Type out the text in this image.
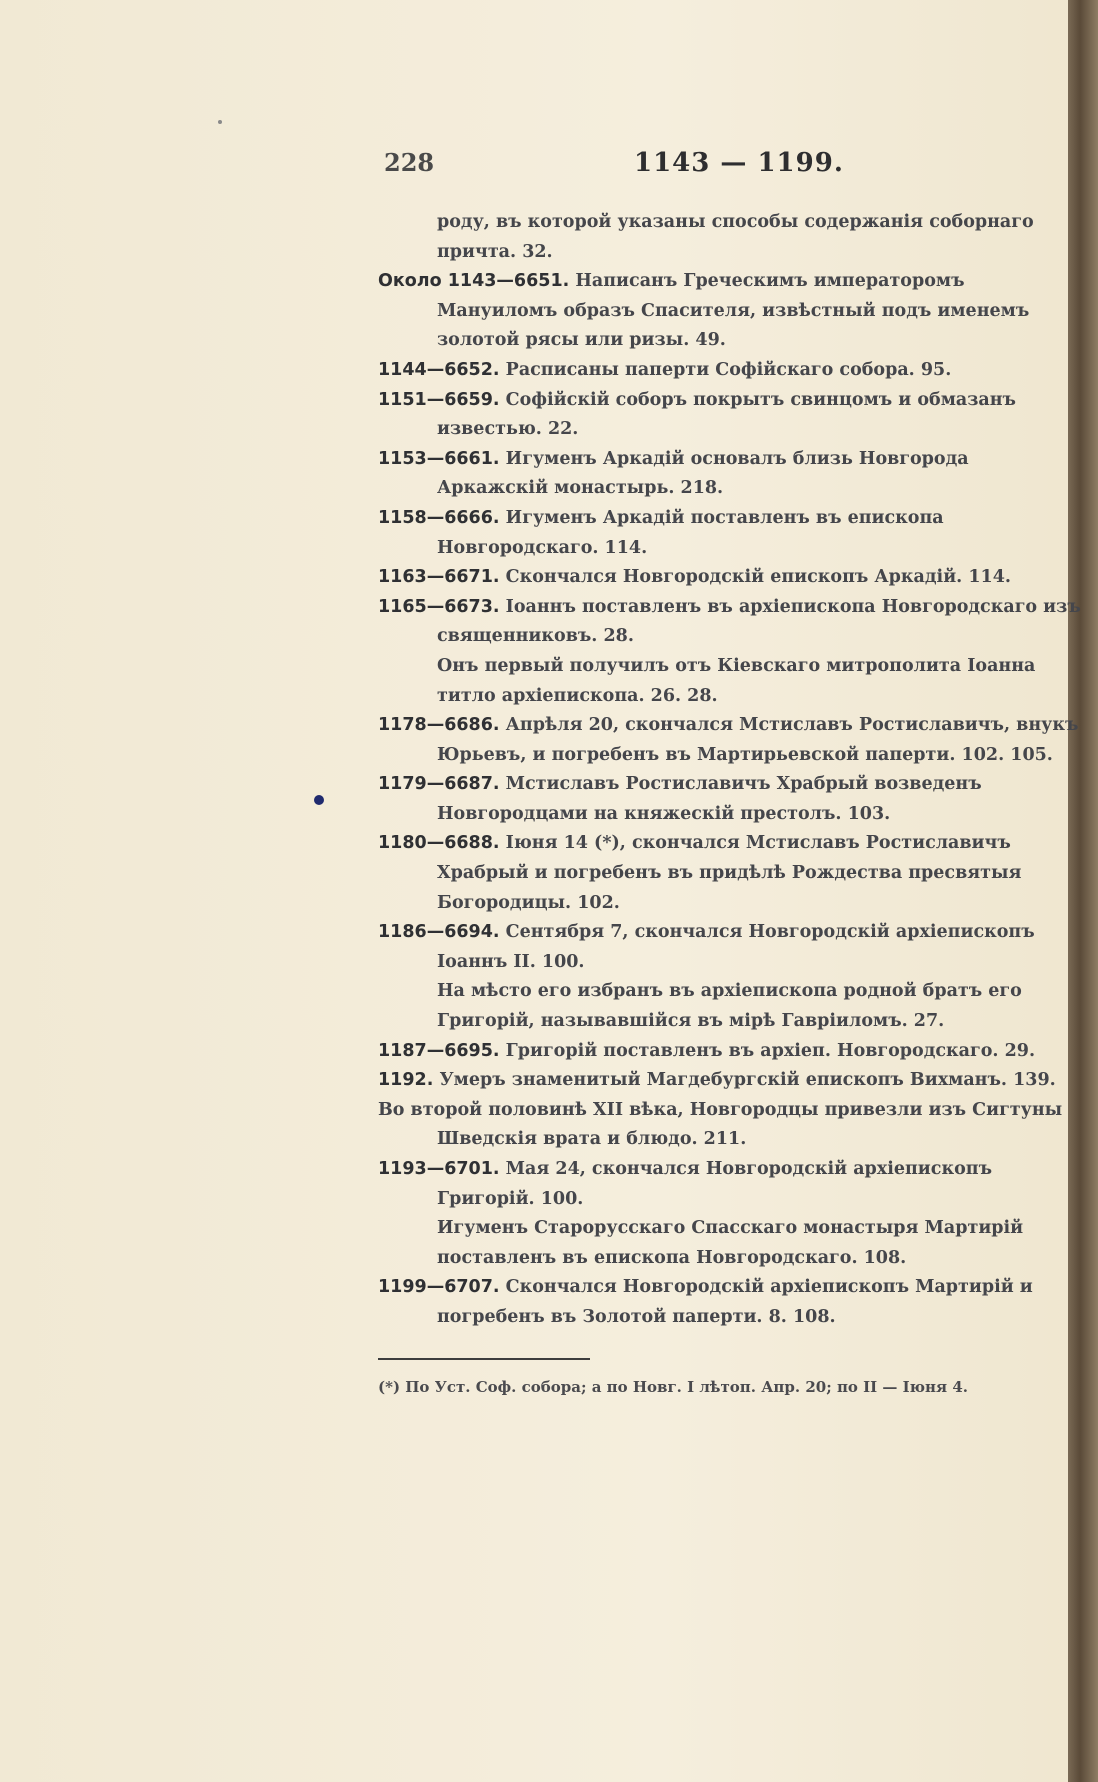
228	1143 — 1199.

роду, въ которой указаны способы содержанія соборнаго причта. 32.

Около 1143—6651. Написанъ Греческимъ императоромъ Мануиломъ образъ Спасителя, извѣстный подъ именемъ золотой рясы или ризы. 49.

1144—6652. Расписаны паперти Софійскаго собора. 95.

1151—6659. Софійскій соборъ покрытъ свинцомъ и обмазанъ известью. 22.

1153—6661. Игуменъ Аркадій основалъ близь Новгорода Аркажскій монастырь. 218.

1158—6666. Игуменъ Аркадій поставленъ въ епископа Новгородскаго. 114.

1163—6671. Скончался Новгородскій епископъ Аркадій. 114.

1165—6673. Іоаннъ поставленъ въ архіепископа Новгородскаго изъ священниковъ. 28.

Онъ первый получилъ отъ Кіевскаго митрополита Іоанна титло архіепископа. 26. 28.

1178—6686. Апрѣля 20, скончался Мстиславъ Ростиславичъ, внукъ Юрьевъ, и погребенъ въ Мартирьевской паперти. 102. 105.

1179—6687. Мстиславъ Ростиславичъ Храбрый возведенъ Новгородцами на княжескій престолъ. 103.

1180—6688. Іюня 14 (*), скончался Мстиславъ Ростиславичъ Храбрый и погребенъ въ придѣлѣ Рождества пресвятыя Богородицы. 102.

1186—6694. Сентября 7, скончался Новгородскій архіепископъ Іоаннъ II. 100.

На мѣсто его избранъ въ архіепископа родной братъ его Григорій, называвшійся въ мірѣ Гавріиломъ. 27.

1187—6695. Григорій поставленъ въ архіеп. Новгородскаго. 29.

1192. Умеръ знаменитый Магдебургскій епископъ Вихманъ. 139.

Во второй половинѣ XII вѣка, Новгородцы привезли изъ Сигтуны Шведскія врата и блюдо. 211.

1193—6701. Мая 24, скончался Новгородскій архіепископъ Григорій. 100.

Игуменъ Старорусскаго Спасскаго монастыря Мартирій поставленъ въ епископа Новгородскаго. 108.

1199—6707. Скончался Новгородскій архіепископъ Мартирій и погребенъ въ Золотой паперти. 8. 108.

(*) По Уст. Соф. собора; а по Новг. I лѣтоп. Апр. 20; по II — Іюня 4.
